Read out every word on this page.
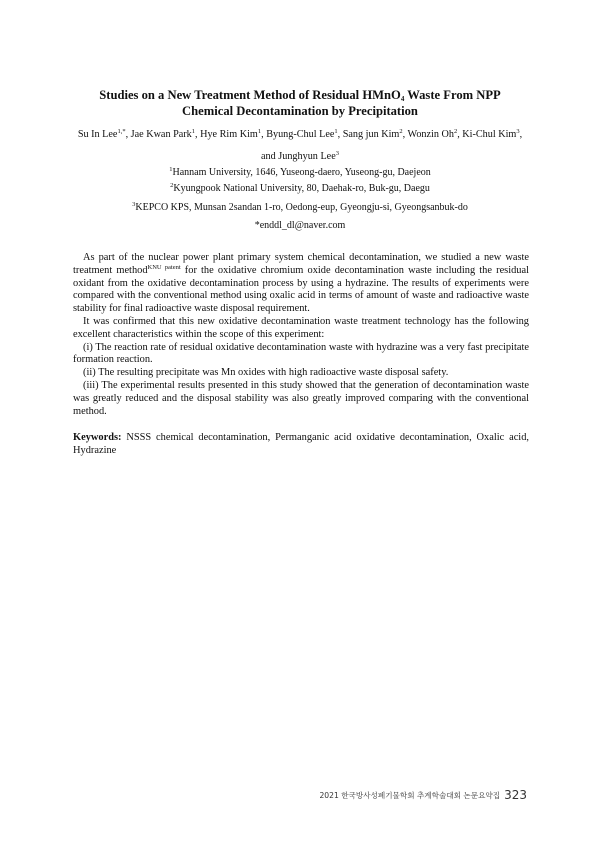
Studies on a New Treatment Method of Residual HMnO$_4$ Waste From NPP
Chemical Decontamination by Precipitation
Su In Lee$^{1,*}$, Jae Kwan Park$^1$, Hye Rim Kim$^1$, Byung-Chul Lee$^1$, Sang jun Kim$^2$, Wonzin Oh$^2$, Ki-Chul Kim$^3$,
and Junghyun Lee$^3$
$^1$Hannam University, 1646, Yuseong-daero, Yuseong-gu, Daejeon
$^2$Kyungpook National University, 80, Daehak-ro, Buk-gu, Daegu
$^3$KEPCO KPS, Munsan 2sandan 1-ro, Oedong-eup, Gyeongju-si, Gyeongsanbuk-do
*enddl_dl@naver.com

As part of the nuclear power plant primary system chemical decontamination, we studied a new waste treatment method$^{KNU patent}$ for the oxidative chromium oxide decontamination waste including the residual oxidant from the oxidative decontamination process by using a hydrazine. The results of experiments were compared with the conventional method using oxalic acid in terms of amount of waste and radioactive waste stability for final radioactive waste disposal requirement.

It was confirmed that this new oxidative decontamination waste treatment technology has the following excellent characteristics within the scope of this experiment:

(i) The reaction rate of residual oxidative decontamination waste with hydrazine was a very fast precipitate formation reaction.

(ii) The resulting precipitate was Mn oxides with high radioactive waste disposal safety.

(iii) The experimental results presented in this study showed that the generation of decontamination waste was greatly reduced and the disposal stability was also greatly improved comparing with the conventional method.

Keywords: NSSS chemical decontamination, Permanganic acid oxidative decontamination, Oxalic acid, Hydrazine
2021 한국방사성폐기물학회 추계학술대회 논문요약집 323
